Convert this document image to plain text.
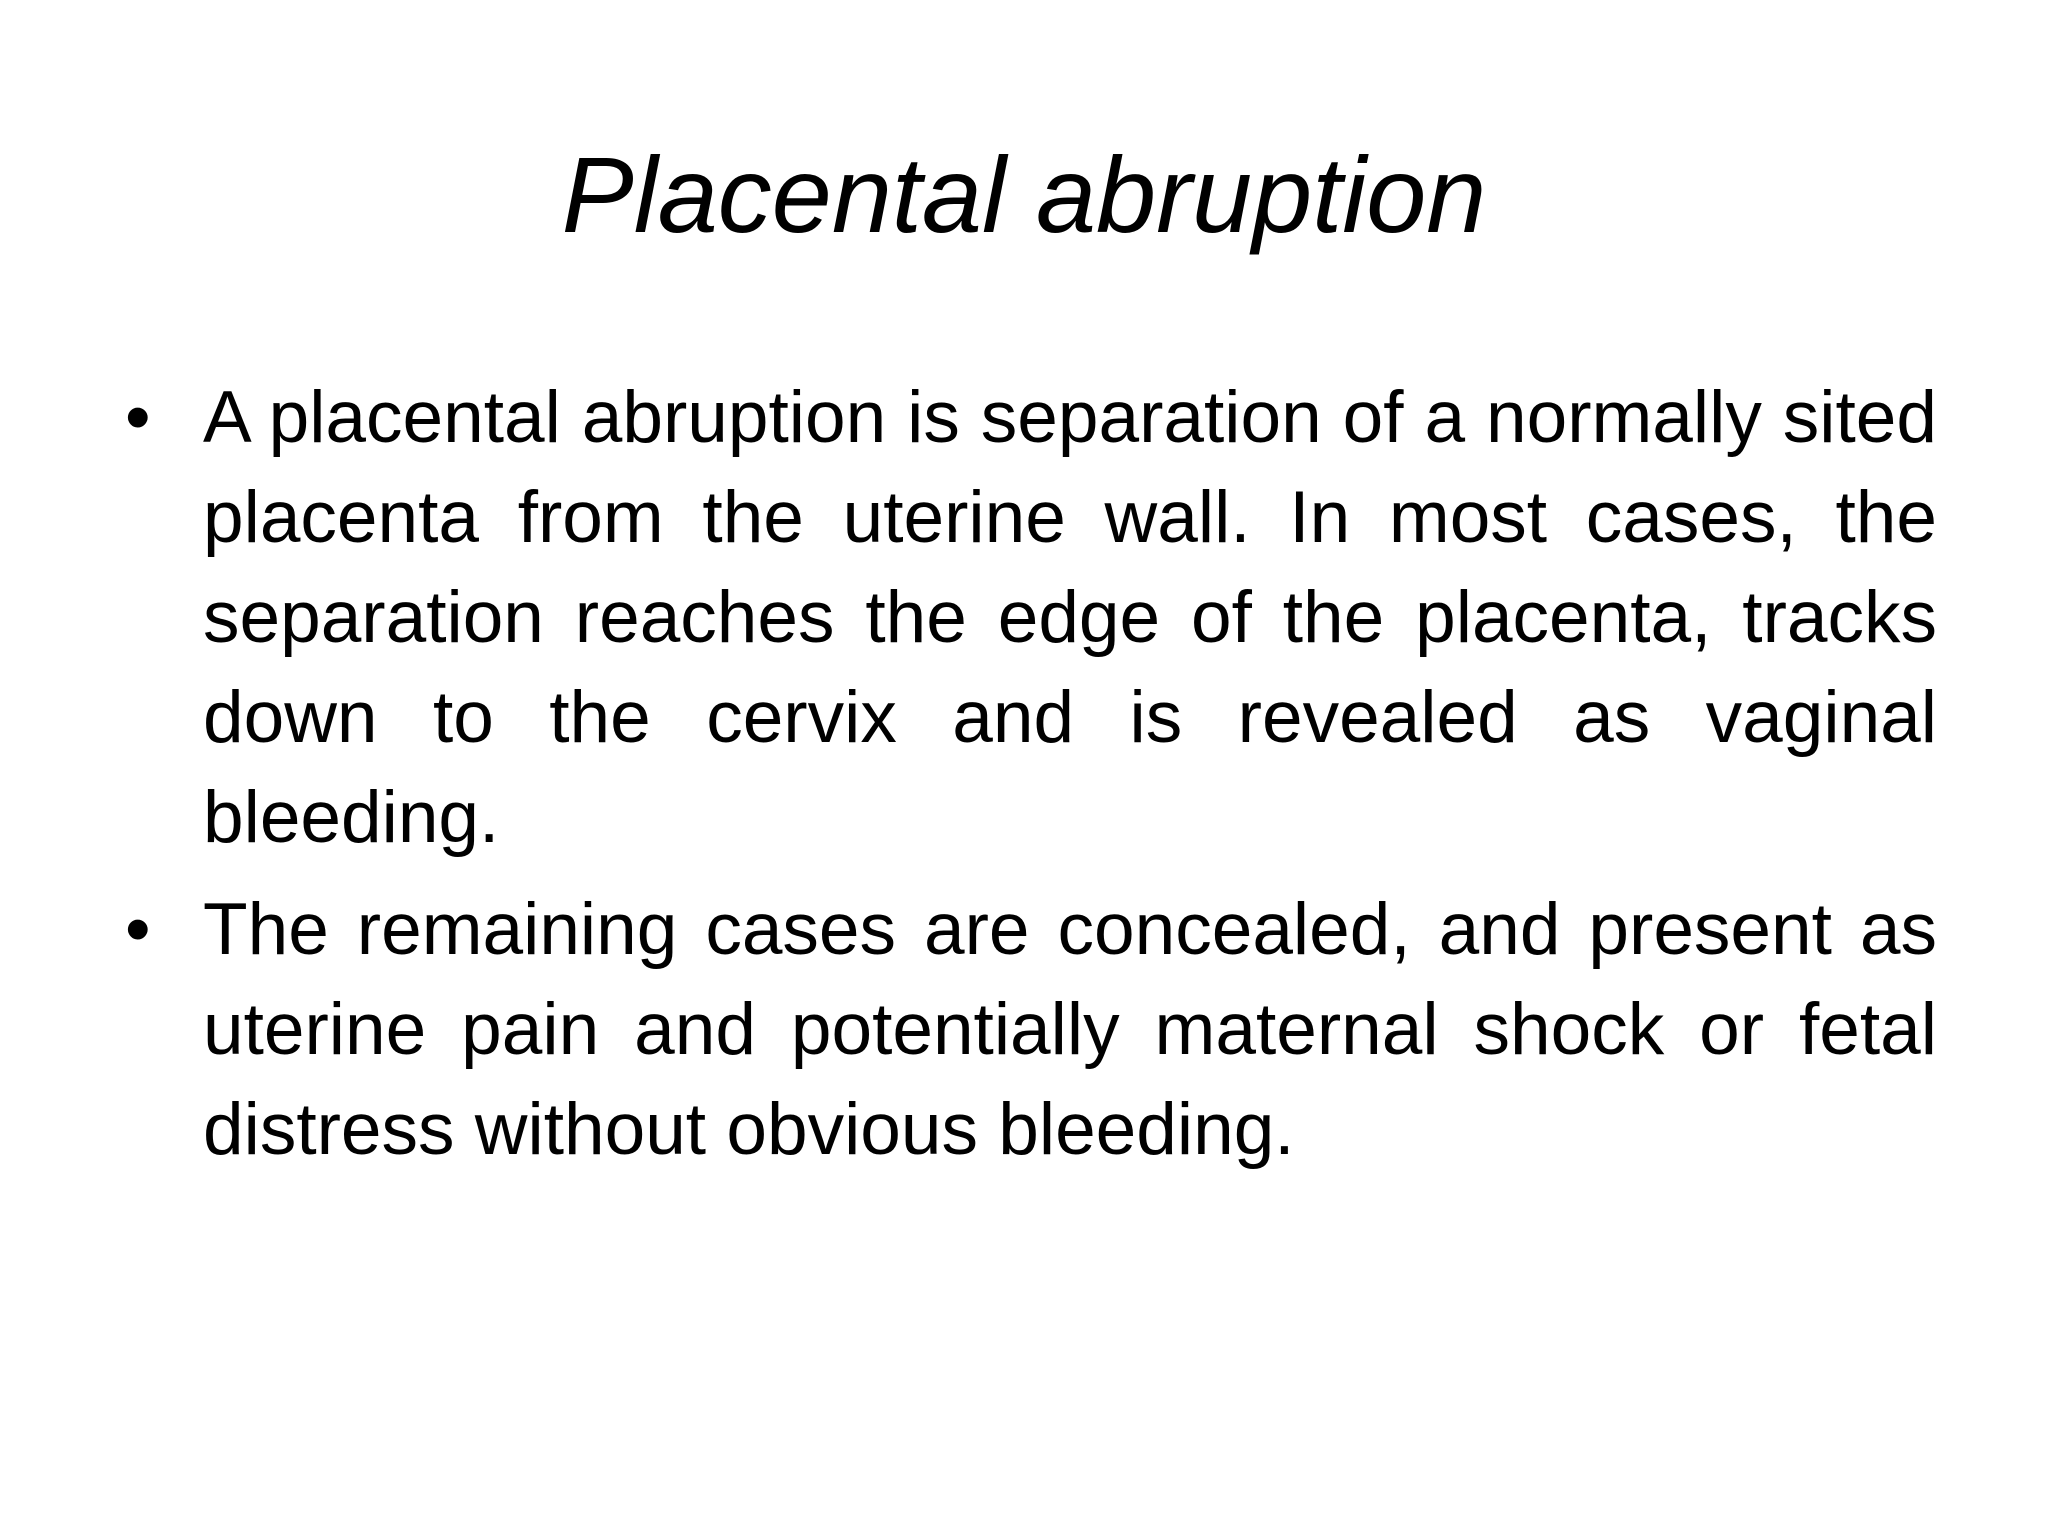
Placental abruption
• A placental abruption is separation of a normally sited placenta from the uterine wall. In most cases, the separation reaches the edge of the placenta, tracks down to the cervix and is revealed as vaginal bleeding.
• The remaining cases are concealed, and present as uterine pain and potentially maternal shock or fetal distress without obvious bleeding.
